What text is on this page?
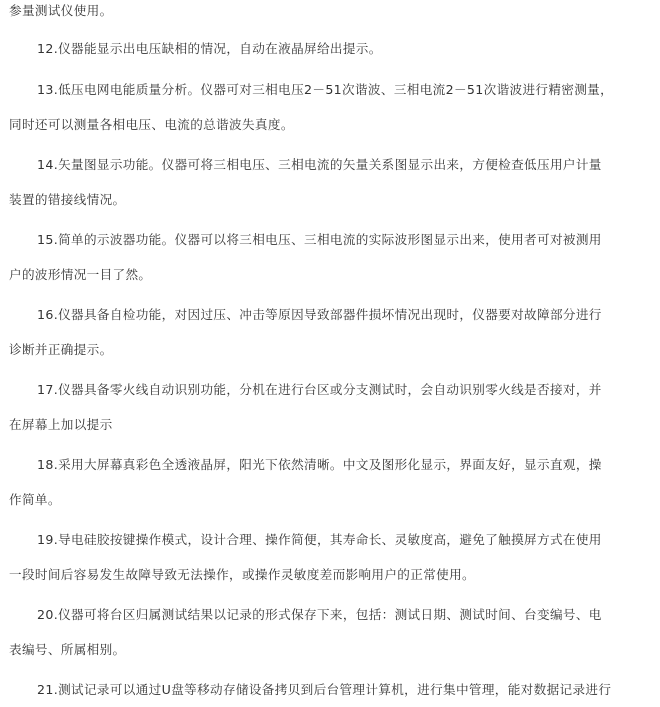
参量测试仪使用。
12.仪器能显示出电压缺相的情况，自动在液晶屏给出提示。
13.低压电网电能质量分析。仪器可对三相电压2－51次谐波、三相电流2－51次谐波进行精密测量，
同时还可以测量各相电压、电流的总谐波失真度。
14.矢量图显示功能。仪器可将三相电压、三相电流的矢量关系图显示出来，方便检查低压用户计量
装置的错接线情况。
15.简单的示波器功能。仪器可以将三相电压、三相电流的实际波形图显示出来，使用者可对被测用
户的波形情况一目了然。
16.仪器具备自检功能，对因过压、冲击等原因导致部器件损坏情况出现时，仪器要对故障部分进行
诊断并正确提示。
17.仪器具备零火线自动识别功能，分机在进行台区或分支测试时，会自动识别零火线是否接对，并
在屏幕上加以提示
18.采用大屏幕真彩色全透液晶屏，阳光下依然清晰。中文及图形化显示，界面友好，显示直观，操
作简单。
19.导电硅胶按键操作模式，设计合理、操作简便，其寿命长、灵敏度高，避免了触摸屏方式在使用
一段时间后容易发生故障导致无法操作，或操作灵敏度差而影响用户的正常使用。
20.仪器可将台区归属测试结果以记录的形式保存下来，包括：测试日期、测试时间、台变编号、电
表编号、所属相别。
21.测试记录可以通过U盘等移动存储设备拷贝到后台管理计算机，进行集中管理，能对数据记录进行
